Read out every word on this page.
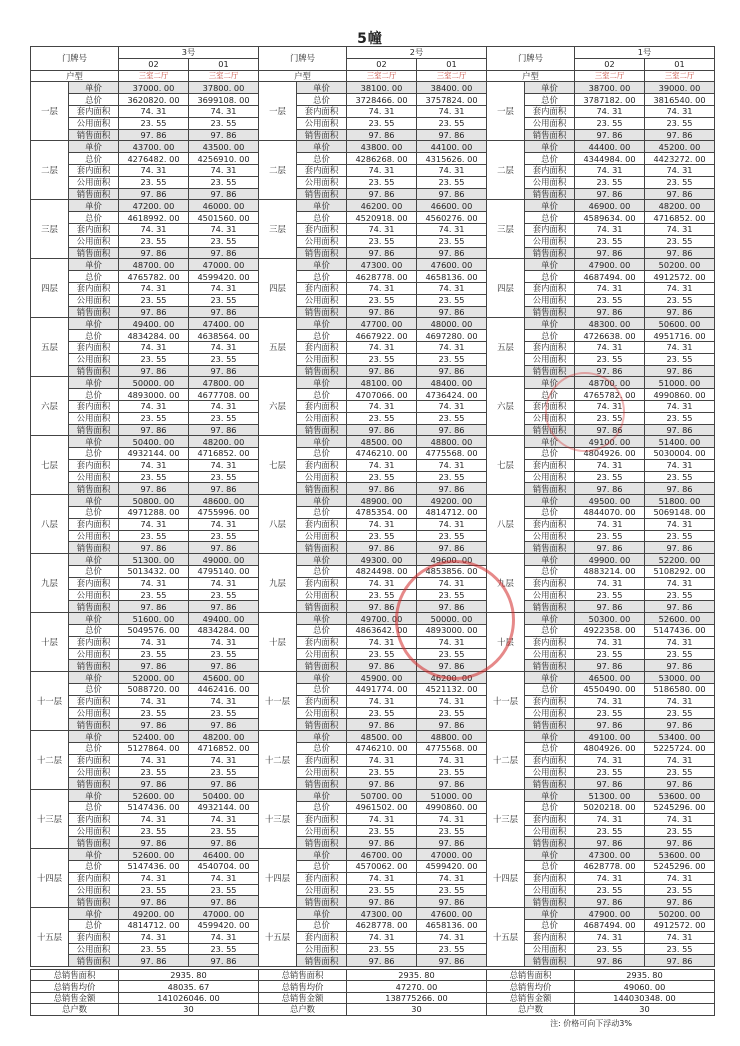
5幢
门牌号		3号	
		02	01
户型		三室二厅	三室二厅
一层	单价	37000. 00	37800. 00
	总价	3620820. 00	3699108. 00
	套内面积	74. 31	74. 31
	公用面积	23. 55	23. 55
	销售面积	97. 86	97. 86
二层	单价	43700. 00	43500. 00
	总价	4276482. 00	4256910. 00
	套内面积	74. 31	74. 31
	公用面积	23. 55	23. 55
	销售面积	97. 86	97. 86
三层	单价	47200. 00	46000. 00
	总价	4618992. 00	4501560. 00
	套内面积	74. 31	74. 31
	公用面积	23. 55	23. 55
	销售面积	97. 86	97. 86
四层	单价	48700. 00	47000. 00
	总价	4765782. 00	4599420. 00
	套内面积	74. 31	74. 31
	公用面积	23. 55	23. 55
	销售面积	97. 86	97. 86
五层	单价	49400. 00	47400. 00
	总价	4834284. 00	4638564. 00
	套内面积	74. 31	74. 31
	公用面积	23. 55	23. 55
	销售面积	97. 86	97. 86
六层	单价	50000. 00	47800. 00
	总价	4893000. 00	4677708. 00
	套内面积	74. 31	74. 31
	公用面积	23. 55	23. 55
	销售面积	97. 86	97. 86
七层	单价	50400. 00	48200. 00
	总价	4932144. 00	4716852. 00
	套内面积	74. 31	74. 31
	公用面积	23. 55	23. 55
	销售面积	97. 86	97. 86
八层	单价	50800. 00	48600. 00
	总价	4971288. 00	4755996. 00
	套内面积	74. 31	74. 31
	公用面积	23. 55	23. 55
	销售面积	97. 86	97. 86
九层	单价	51300. 00	49000. 00
	总价	5013432. 00	4795140. 00
	套内面积	74. 31	74. 31
	公用面积	23. 55	23. 55
	销售面积	97. 86	97. 86
十层	单价	51600. 00	49400. 00
	总价	5049576. 00	4834284. 00
	套内面积	74. 31	74. 31
	公用面积	23. 55	23. 55
	销售面积	97. 86	97. 86
十一层	单价	52000. 00	45600. 00
	总价	5088720. 00	4462416. 00
	套内面积	74. 31	74. 31
	公用面积	23. 55	23. 55
	销售面积	97. 86	97. 86
十二层	单价	52400. 00	48200. 00
	总价	5127864. 00	4716852. 00
	套内面积	74. 31	74. 31
	公用面积	23. 55	23. 55
	销售面积	97. 86	97. 86
十三层	单价	52600. 00	50400. 00
	总价	5147436. 00	4932144. 00
	套内面积	74. 31	74. 31
	公用面积	23. 55	23. 55
	销售面积	97. 86	97. 86
十四层	单价	52600. 00	46400. 00
	总价	5147436. 00	4540704. 00
	套内面积	74. 31	74. 31
	公用面积	23. 55	23. 55
	销售面积	97. 86	97. 86
十五层	单价	49200. 00	47000. 00
	总价	4814712. 00	4599420. 00
	套内面积	74. 31	74. 31
	公用面积	23. 55	23. 55
	销售面积	97. 86	97. 86
门牌号		2号	
		02	01
户型		三室二厅	三室二厅
一层	单价	38100. 00	38400. 00
	总价	3728466. 00	3757824. 00
	套内面积	74. 31	74. 31
	公用面积	23. 55	23. 55
	销售面积	97. 86	97. 86
二层	单价	43800. 00	44100. 00
	总价	4286268. 00	4315626. 00
	套内面积	74. 31	74. 31
	公用面积	23. 55	23. 55
	销售面积	97. 86	97. 86
三层	单价	46200. 00	46600. 00
	总价	4520918. 00	4560276. 00
	套内面积	74. 31	74. 31
	公用面积	23. 55	23. 55
	销售面积	97. 86	97. 86
四层	单价	47300. 00	47600. 00
	总价	4628778. 00	4658136. 00
	套内面积	74. 31	74. 31
	公用面积	23. 55	23. 55
	销售面积	97. 86	97. 86
五层	单价	47700. 00	48000. 00
	总价	4667922. 00	4697280. 00
	套内面积	74. 31	74. 31
	公用面积	23. 55	23. 55
	销售面积	97. 86	97. 86
六层	单价	48100. 00	48400. 00
	总价	4707066. 00	4736424. 00
	套内面积	74. 31	74. 31
	公用面积	23. 55	23. 55
	销售面积	97. 86	97. 86
七层	单价	48500. 00	48800. 00
	总价	4746210. 00	4775568. 00
	套内面积	74. 31	74. 31
	公用面积	23. 55	23. 55
	销售面积	97. 86	97. 86
八层	单价	48900. 00	49200. 00
	总价	4785354. 00	4814712. 00
	套内面积	74. 31	74. 31
	公用面积	23. 55	23. 55
	销售面积	97. 86	97. 86
九层	单价	49300. 00	49600. 00
	总价	4824498. 00	4853856. 00
	套内面积	74. 31	74. 31
	公用面积	23. 55	23. 55
	销售面积	97. 86	97. 86
十层	单价	49700. 00	50000. 00
	总价	4863642. 00	4893000. 00
	套内面积	74. 31	74. 31
	公用面积	23. 55	23. 55
	销售面积	97. 86	97. 86
十一层	单价	45900. 00	46200. 00
	总价	4491774. 00	4521132. 00
	套内面积	74. 31	74. 31
	公用面积	23. 55	23. 55
	销售面积	97. 86	97. 86
十二层	单价	48500. 00	48800. 00
	总价	4746210. 00	4775568. 00
	套内面积	74. 31	74. 31
	公用面积	23. 55	23. 55
	销售面积	97. 86	97. 86
十三层	单价	50700. 00	51000. 00
	总价	4961502. 00	4990860. 00
	套内面积	74. 31	74. 31
	公用面积	23. 55	23. 55
	销售面积	97. 86	97. 86
十四层	单价	46700. 00	47000. 00
	总价	4570062. 00	4599420. 00
	套内面积	74. 31	74. 31
	公用面积	23. 55	23. 55
	销售面积	97. 86	97. 86
十五层	单价	47300. 00	47600. 00
	总价	4628778. 00	4658136. 00
	套内面积	74. 31	74. 31
	公用面积	23. 55	23. 55
	销售面积	97. 86	97. 86
门牌号		1号	
		02	01
户型		三室二厅	三室二厅
一层	单价	38700. 00	39000. 00
	总价	3787182. 00	3816540. 00
	套内面积	74. 31	74. 31
	公用面积	23. 55	23. 55
	销售面积	97. 86	97. 86
二层	单价	44400. 00	45200. 00
	总价	4344984. 00	4423272. 00
	套内面积	74. 31	74. 31
	公用面积	23. 55	23. 55
	销售面积	97. 86	97. 86
三层	单价	46900. 00	48200. 00
	总价	4589634. 00	4716852. 00
	套内面积	74. 31	74. 31
	公用面积	23. 55	23. 55
	销售面积	97. 86	97. 86
四层	单价	47900. 00	50200. 00
	总价	4687494. 00	4912572. 00
	套内面积	74. 31	74. 31
	公用面积	23. 55	23. 55
	销售面积	97. 86	97. 86
五层	单价	48300. 00	50600. 00
	总价	4726638. 00	4951716. 00
	套内面积	74. 31	74. 31
	公用面积	23. 55	23. 55
	销售面积	97. 86	97. 86
六层	单价	48700. 00	51000. 00
	总价	4765782. 00	4990860. 00
	套内面积	74. 31	74. 31
	公用面积	23. 55	23. 55
	销售面积	97. 86	97. 86
七层	单价	49100. 00	51400. 00
	总价	4804926. 00	5030004. 00
	套内面积	74. 31	74. 31
	公用面积	23. 55	23. 55
	销售面积	97. 86	97. 86
八层	单价	49500. 00	51800. 00
	总价	4844070. 00	5069148. 00
	套内面积	74. 31	74. 31
	公用面积	23. 55	23. 55
	销售面积	97. 86	97. 86
九层	单价	49900. 00	52200. 00
	总价	4883214. 00	5108292. 00
	套内面积	74. 31	74. 31
	公用面积	23. 55	23. 55
	销售面积	97. 86	97. 86
十层	单价	50300. 00	52600. 00
	总价	4922358. 00	5147436. 00
	套内面积	74. 31	74. 31
	公用面积	23. 55	23. 55
	销售面积	97. 86	97. 86
十一层	单价	46500. 00	53000. 00
	总价	4550490. 00	5186580. 00
	套内面积	74. 31	74. 31
	公用面积	23. 55	23. 55
	销售面积	97. 86	97. 86
十二层	单价	49100. 00	53400. 00
	总价	4804926. 00	5225724. 00
	套内面积	74. 31	74. 31
	公用面积	23. 55	23. 55
	销售面积	97. 86	97. 86
十三层	单价	51300. 00	53600. 00
	总价	5020218. 00	5245296. 00
	套内面积	74. 31	74. 31
	公用面积	23. 55	23. 55
	销售面积	97. 86	97. 86
十四层	单价	47300. 00	53600. 00
	总价	4628778. 00	5245296. 00
	套内面积	74. 31	74. 31
	公用面积	23. 55	23. 55
	销售面积	97. 86	97. 86
十五层	单价	47900. 00	50200. 00
	总价	4687494. 00	4912572. 00
	套内面积	74. 31	74. 31
	公用面积	23. 55	23. 55
	销售面积	97. 86	97. 86
总销售面积	2935. 80
总销售均价	48035. 67
总销售金额	141026046. 00
总户数	30
总销售面积	2935. 80
总销售均价	47270. 00
总销售金额	138775266. 00
总户数	30
总销售面积	2935. 80
总销售均价	49060. 00
总销售金额	144030348. 00
总户数	30
注: 价格可向下浮动3%
